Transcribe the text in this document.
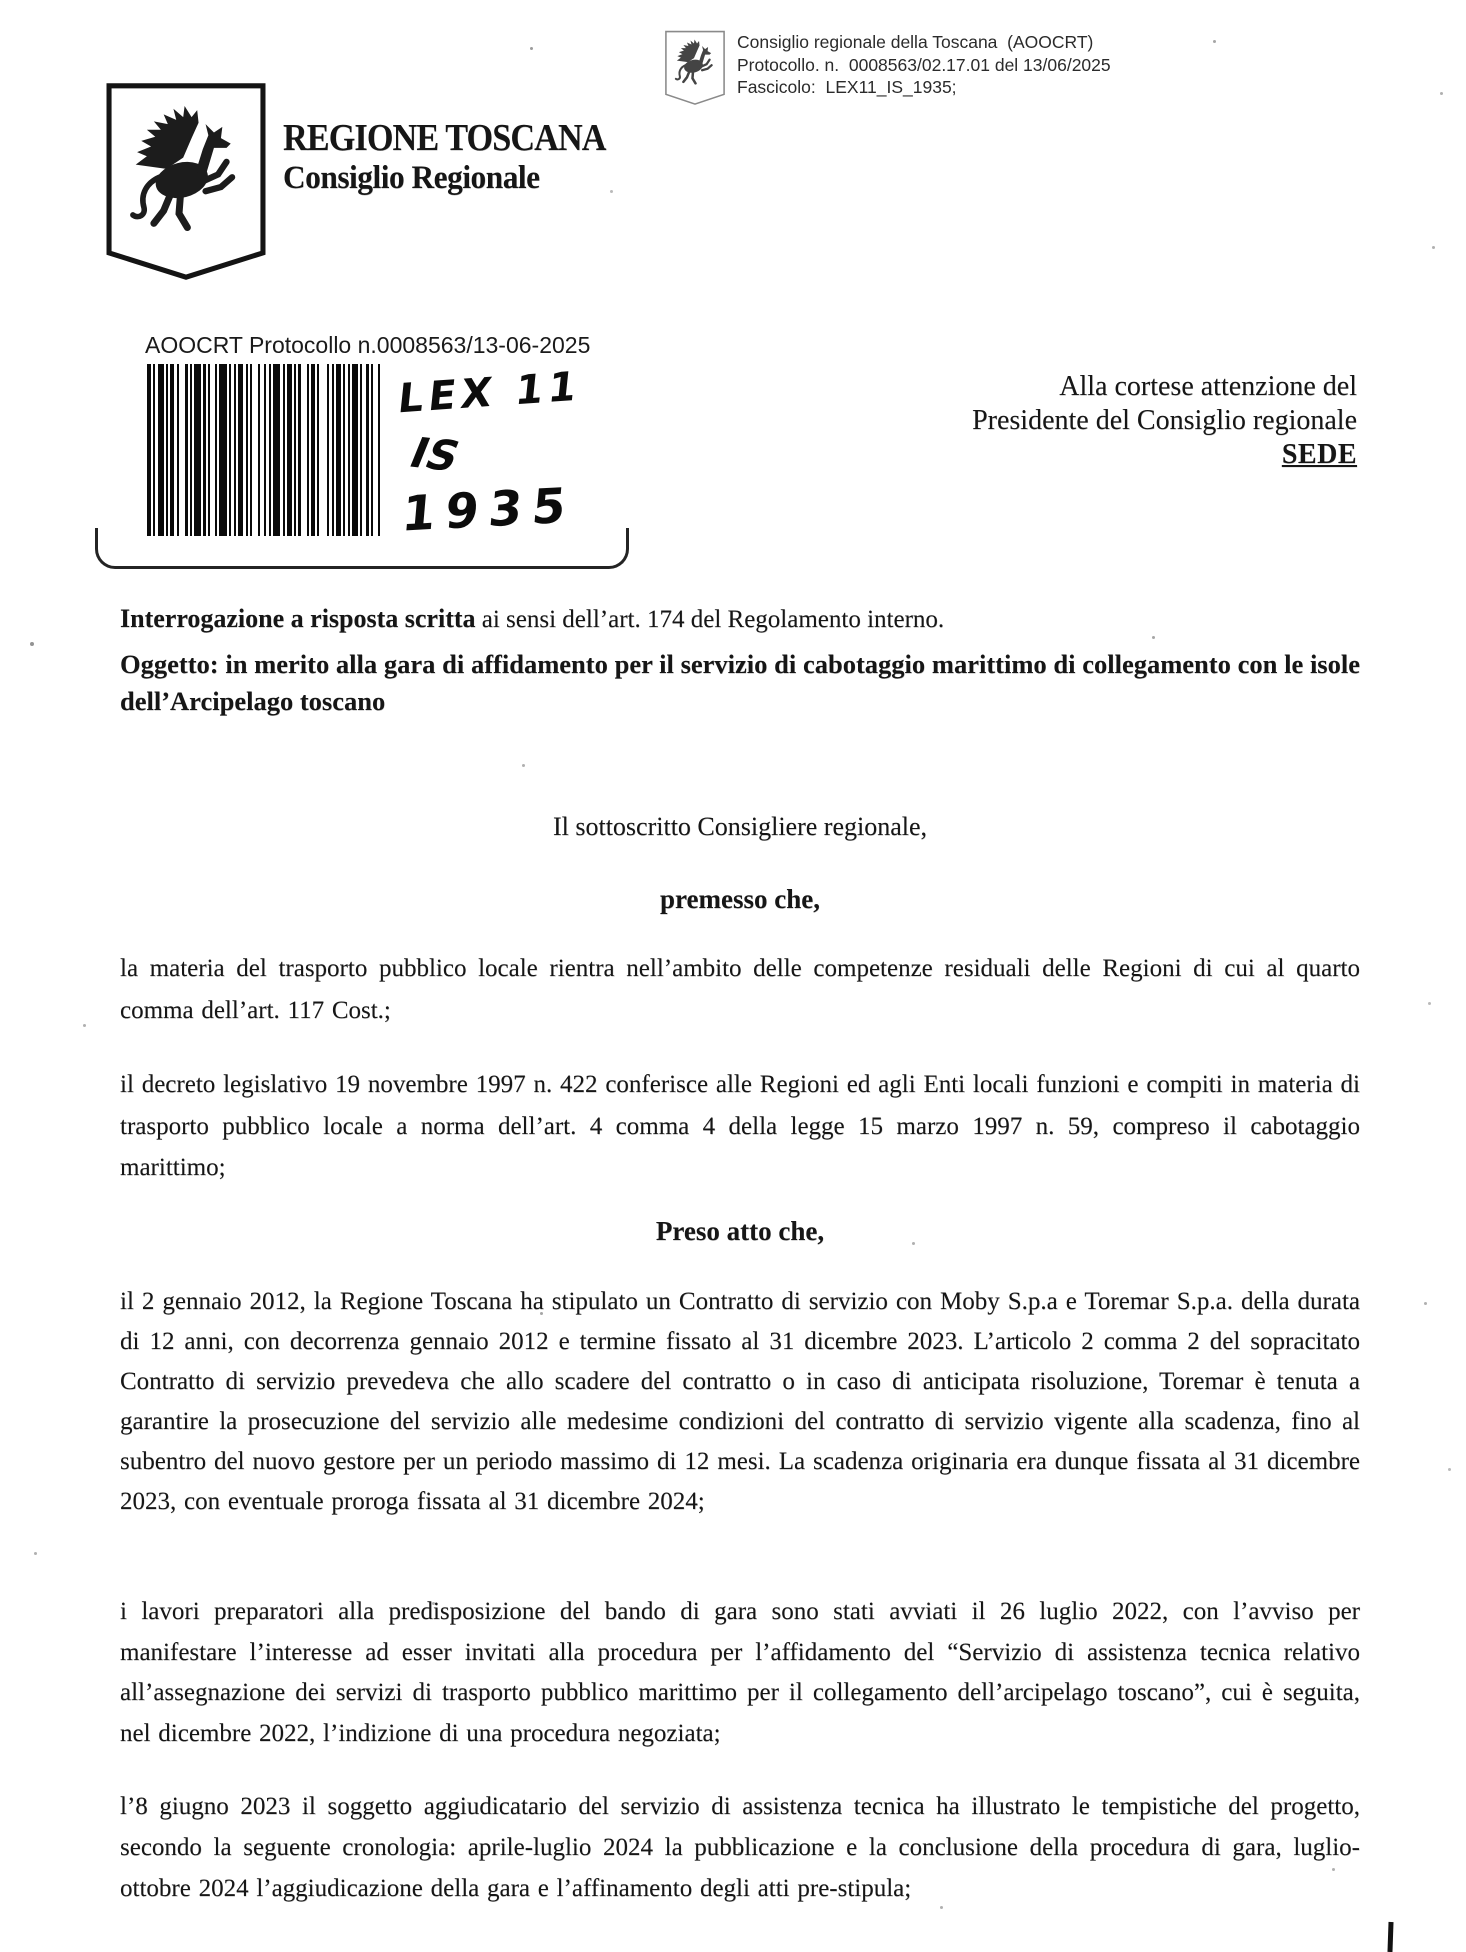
Consiglio regionale della Toscana  (AOOCRT)
Protocollo. n.  0008563/02.17.01 del 13/06/2025
Fascicolo:  LEX11_IS_1935;
REGIONE TOSCANA
Consiglio Regionale
AOOCRT Protocollo n.0008563/13-06-2025
LEX 11
IS
1935
Alla cortese attenzione del
Presidente del Consiglio regionale
SEDE
Interrogazione a risposta scritta ai sensi dell’art. 174 del Regolamento interno.
Oggetto: in merito alla gara di affidamento per il servizio di cabotaggio marittimo di collegamento con le isole dell’Arcipelago toscano
Il sottoscritto Consigliere regionale,
premesso che,
la materia del trasporto pubblico locale rientra nell’ambito delle competenze residuali delle Regioni di cui al quarto comma dell’art. 117 Cost.;
il decreto legislativo 19 novembre 1997 n. 422 conferisce alle Regioni ed agli Enti locali funzioni e compiti in materia di trasporto pubblico locale a norma dell’art. 4 comma 4 della legge 15 marzo 1997 n. 59, compreso il cabotaggio marittimo;
Preso atto che,
il 2 gennaio 2012, la Regione Toscana ha stipulato un Contratto di servizio con Moby S.p.a e Toremar S.p.a. della durata di 12 anni, con decorrenza gennaio 2012 e termine fissato al 31 dicembre 2023. L’articolo 2 comma 2 del sopracitato Contratto di servizio prevedeva che allo scadere del contratto o in caso di anticipata risoluzione, Toremar è tenuta a garantire la prosecuzione del servizio alle medesime condizioni del contratto di servizio vigente alla scadenza, fino al subentro del nuovo gestore per un periodo massimo di 12 mesi. La scadenza originaria era dunque fissata al 31 dicembre 2023, con eventuale proroga fissata al 31 dicembre 2024;
i lavori preparatori alla predisposizione del bando di gara sono stati avviati il 26 luglio 2022, con l’avviso per manifestare l’interesse ad esser invitati alla procedura per l’affidamento del “Servizio di assistenza tecnica relativo all’assegnazione dei servizi di trasporto pubblico marittimo per il collegamento dell’arcipelago toscano”, cui è seguita, nel dicembre 2022, l’indizione di una procedura negoziata;
l’8 giugno 2023 il soggetto aggiudicatario del servizio di assistenza tecnica ha illustrato le tempistiche del progetto, secondo la seguente cronologia: aprile-luglio 2024 la pubblicazione e la conclusione della procedura di gara, luglio-ottobre 2024 l’aggiudicazione della gara e l’affinamento degli atti pre-stipula;
